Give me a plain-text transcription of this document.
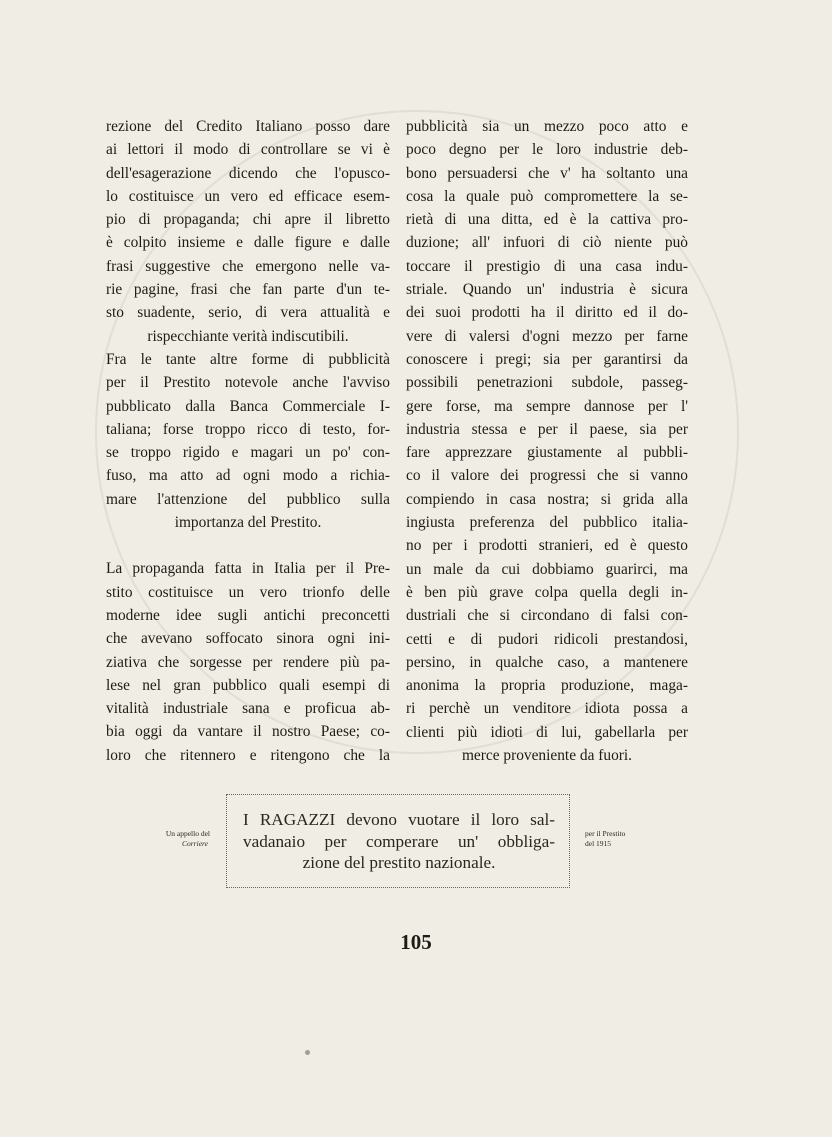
rezione del Credito Italiano posso dare
ai lettori il modo di controllare se vi è
dell'esagerazione dicendo che l'opusco-
lo costituisce un vero ed efficace esem-
pio di propaganda; chi apre il libretto
è colpito insieme e dalle figure e dalle
frasi suggestive che emergono nelle va-
rie pagine, frasi che fan parte d'un te-
sto suadente, serio, di vera attualità e
rispecchiante verità indiscutibili.

Fra le tante altre forme di pubblicità
per il Prestito notevole anche l'avviso
pubblicato dalla Banca Commerciale I-
taliana; forse troppo ricco di testo, for-
se troppo rigido e magari un po' con-
fuso, ma atto ad ogni modo a richia-
mare l'attenzione del pubblico sulla
importanza del Prestito.

La propaganda fatta in Italia per il Pre-
stito costituisce un vero trionfo delle
moderne idee sugli antichi preconcetti
che avevano soffocato sinora ogni ini-
ziativa che sorgesse per rendere più pa-
lese nel gran pubblico quali esempi di
vitalità industriale sana e proficua ab-
bia oggi da vantare il nostro Paese; co-
loro che ritennero e ritengono che la

pubblicità sia un mezzo poco atto e
poco degno per le loro industrie deb-
bono persuadersi che v' ha soltanto una
cosa la quale può compromettere la se-
rietà di una ditta, ed è la cattiva pro-
duzione; all' infuori di ciò niente può
toccare il prestigio di una casa indu-
striale. Quando un' industria è sicura
dei suoi prodotti ha il diritto ed il do-
vere di valersi d'ogni mezzo per farne
conoscere i pregi; sia per garantirsi da
possibili penetrazioni subdole, passeg-
gere forse, ma sempre dannose per l'
industria stessa e per il paese, sia per
fare apprezzare giustamente al pubbli-
co il valore dei progressi che si vanno
compiendo in casa nostra; si grida alla
ingiusta preferenza del pubblico italia-
no per i prodotti stranieri, ed è questo
un male da cui dobbiamo guarirci, ma
è ben più grave colpa quella degli in-
dustriali che si circondano di falsi con-
cetti e di pudori ridicoli prestandosi,
persino, in qualche caso, a mantenere
anonima la propria produzione, maga-
ri perchè un venditore idiota possa a
clienti più idioti di lui, gabellarla per
merce proveniente da fuori.

Un appello del
Corriere
I RAGAZZI devono vuotare il loro sal-
vadanaio per comperare un' obbliga-
zione del prestito nazionale.
per il Prestito
del 1915
105
